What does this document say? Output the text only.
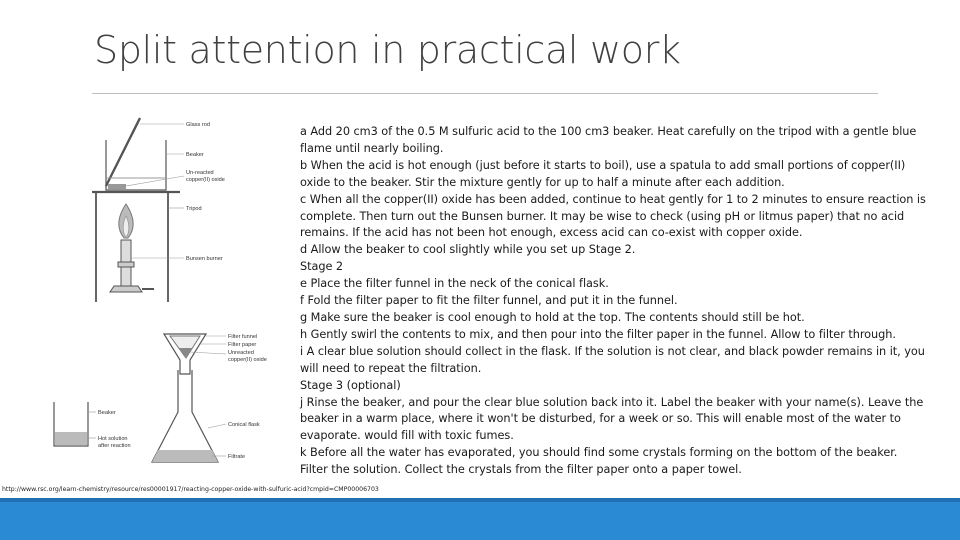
Split attention in practical work
Glass rod
Beaker
Un-reacted
copper(II) oxide
Tripod
Bunsen burner
Filter funnel
Filter paper
Unreacted
copper(II) oxide
Conical flask
Filtrate
Beaker
Hot solution
after reaction

a Add 20 cm3 of the 0.5 M sulfuric acid to the 100 cm3 beaker. Heat carefully on the tripod with a gentle blue flame until nearly boiling.

b When the acid is hot enough (just before it starts to boil), use a spatula to add small portions of copper(II) oxide to the beaker. Stir the mixture gently for up to half a minute after each addition.

c When all the copper(II) oxide has been added, continue to heat gently for 1 to 2 minutes to ensure reaction is complete. Then turn out the Bunsen burner. It may be wise to check (using pH or litmus paper) that no acid remains. If the acid has not been hot enough, excess acid can co-exist with copper oxide.

d Allow the beaker to cool slightly while you set up Stage 2.

Stage 2

e Place the filter funnel in the neck of the conical flask.

f Fold the filter paper to fit the filter funnel, and put it in the funnel.

g Make sure the beaker is cool enough to hold at the top. The contents should still be hot.

h Gently swirl the contents to mix, and then pour into the filter paper in the funnel. Allow to filter through.

i A clear blue solution should collect in the flask. If the solution is not clear, and black powder remains in it, you will need to repeat the filtration.

Stage 3 (optional)

j Rinse the beaker, and pour the clear blue solution back into it. Label the beaker with your name(s). Leave the beaker in a warm place, where it won't be disturbed, for a week or so. This will enable most of the water to evaporate. would fill with toxic fumes.

k Before all the water has evaporated, you should find some crystals forming on the bottom of the beaker. Filter the solution. Collect the crystals from the filter paper onto a paper towel.

http://www.rsc.org/learn-chemistry/resource/res00001917/reacting-copper-oxide-with-sulfuric-acid?cmpid=CMP00006703
